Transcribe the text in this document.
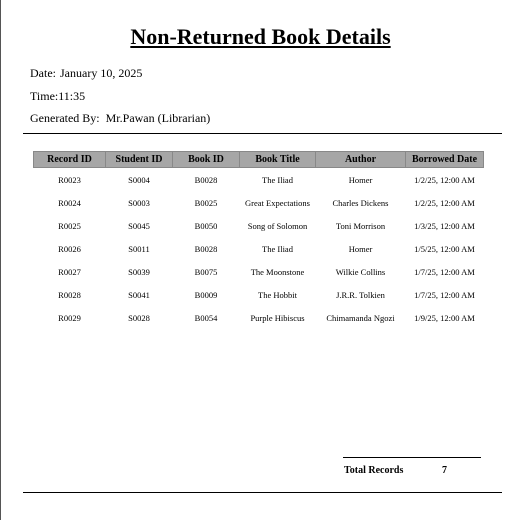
Non-Returned Book Details
Date: January 10, 2025
Time:11:35
Generated By: Mr.Pawan (Librarian)
Record ID	Student ID	Book ID	Book Title	Author	Borrowed Date
R0023	S0004	B0028	The Iliad	Homer	1/2/25, 12:00 AM
R0024	S0003	B0025	Great Expectations	Charles Dickens	1/2/25, 12:00 AM
R0025	S0045	B0050	Song of Solomon	Toni Morrison	1/3/25, 12:00 AM
R0026	S0011	B0028	The Iliad	Homer	1/5/25, 12:00 AM
R0027	S0039	B0075	The Moonstone	Wilkie Collins	1/7/25, 12:00 AM
R0028	S0041	B0009	The Hobbit	J.R.R. Tolkien	1/7/25, 12:00 AM
R0029	S0028	B0054	Purple Hibiscus	Chimamanda Ngozi	1/9/25, 12:00 AM
Total Records	7
